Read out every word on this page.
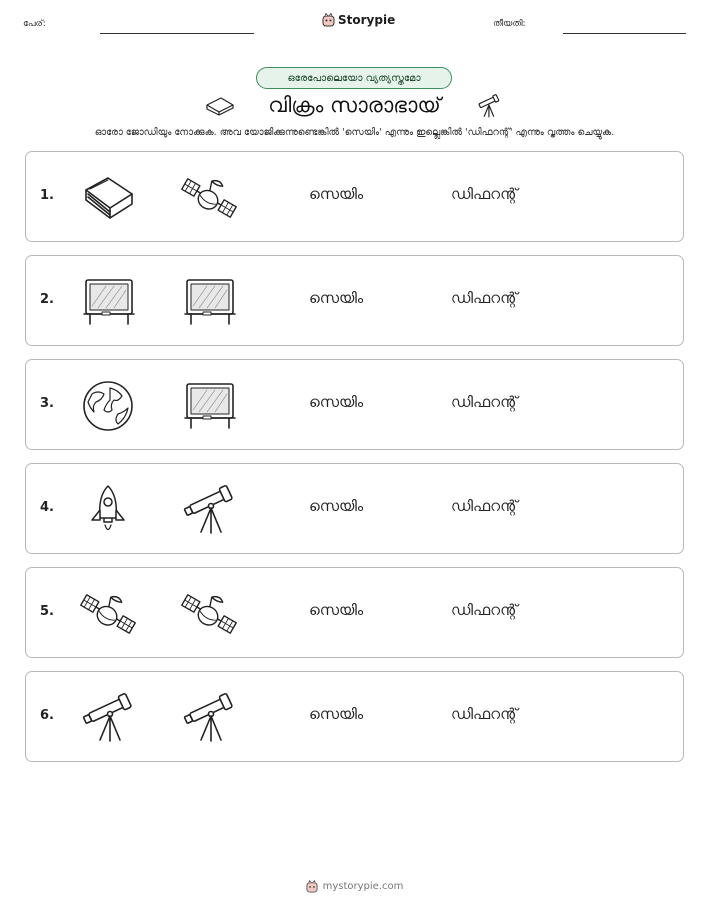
പേര്:	Storypie	തീയതി:
ഒരേപോലെയോ വ്യത്യസ്തമോ
വിക്രം സാരാഭായ്
ഓരോ ജോഡിയും നോക്കുക. അവ യോജിക്കുന്നുണ്ടെങ്കിൽ 'സെയിം' എന്നും ഇല്ലെങ്കിൽ 'ഡിഫറന്റ്' എന്നും വൃത്തം ചെയ്യുക.
1.	സെയിം	ഡിഫറന്റ്
2.	സെയിം	ഡിഫറന്റ്
3.	സെയിം	ഡിഫറന്റ്
4.	സെയിം	ഡിഫറന്റ്
5.	സെയിം	ഡിഫറന്റ്
6.	സെയിം	ഡിഫറന്റ്
mystorypie.com
